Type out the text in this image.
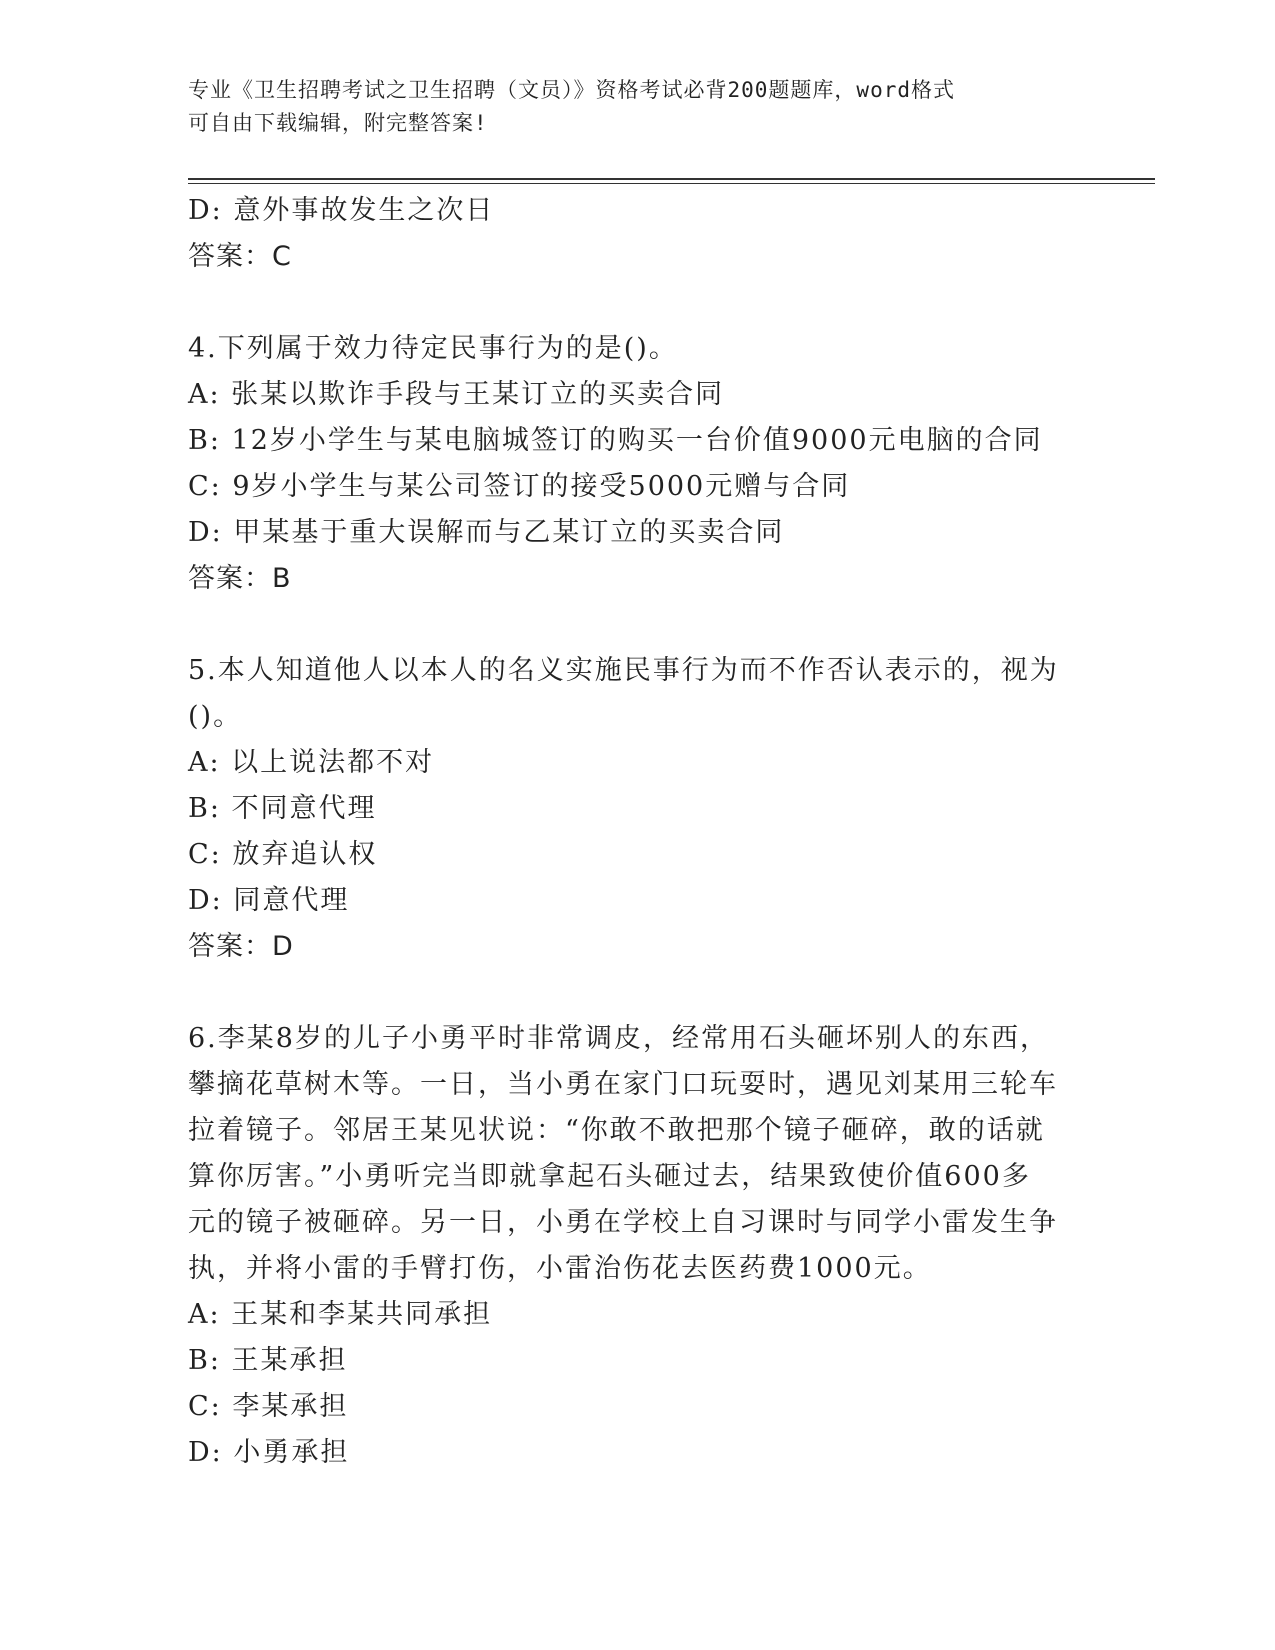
专业《卫生招聘考试之卫生招聘（文员）》资格考试必背200题题库，word格式
可自由下载编辑，附完整答案!
D: 意外事故发生之次日
答案：C
4.下列属于效力待定民事行为的是()。
A: 张某以欺诈手段与王某订立的买卖合同
B: 12岁小学生与某电脑城签订的购买一台价值9000元电脑的合同
C: 9岁小学生与某公司签订的接受5000元赠与合同
D: 甲某基于重大误解而与乙某订立的买卖合同
答案：B
5.本人知道他人以本人的名义实施民事行为而不作否认表示的，视为
()。
A: 以上说法都不对
B: 不同意代理
C: 放弃追认权
D: 同意代理
答案：D
6.李某8岁的儿子小勇平时非常调皮，经常用石头砸坏别人的东西，
攀摘花草树木等。一日，当小勇在家门口玩耍时，遇见刘某用三轮车
拉着镜子。邻居王某见状说：“你敢不敢把那个镜子砸碎，敢的话就
算你厉害。”小勇听完当即就拿起石头砸过去，结果致使价值600多
元的镜子被砸碎。另一日，小勇在学校上自习课时与同学小雷发生争
执，并将小雷的手臂打伤，小雷治伤花去医药费1000元。
A: 王某和李某共同承担
B: 王某承担
C: 李某承担
D: 小勇承担
